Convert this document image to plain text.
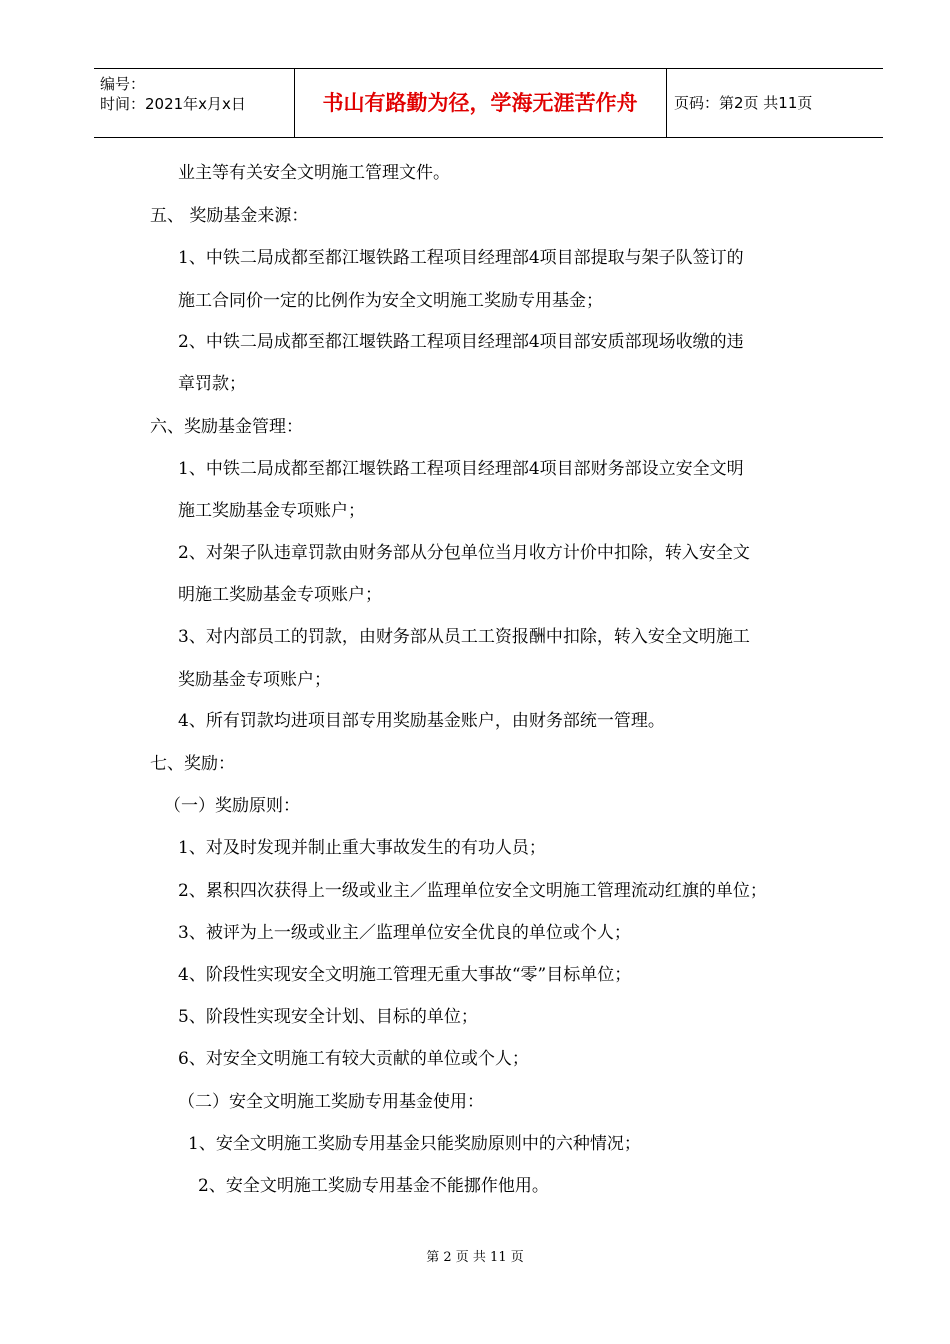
编号：
时间：2021年x月x日	书山有路勤为径，学海无涯苦作舟	页码：第2页 共11页
业主等有关安全文明施工管理文件。
五、 奖励基金来源：
1、中铁二局成都至都江堰铁路工程项目经理部4项目部提取与架子队签订的
施工合同价一定的比例作为安全文明施工奖励专用基金；
2、中铁二局成都至都江堰铁路工程项目经理部4项目部安质部现场收缴的违
章罚款；
六、奖励基金管理：
1、中铁二局成都至都江堰铁路工程项目经理部4项目部财务部设立安全文明
施工奖励基金专项账户；
2、对架子队违章罚款由财务部从分包单位当月收方计价中扣除，转入安全文
明施工奖励基金专项账户；
3、对内部员工的罚款，由财务部从员工工资报酬中扣除，转入安全文明施工
奖励基金专项账户；
4、所有罚款均进项目部专用奖励基金账户，由财务部统一管理。
七、奖励：
（一）奖励原则：
1、对及时发现并制止重大事故发生的有功人员；
2、累积四次获得上一级或业主／监理单位安全文明施工管理流动红旗的单位；
3、被评为上一级或业主／监理单位安全优良的单位或个人；
4、阶段性实现安全文明施工管理无重大事故“零”目标单位；
5、阶段性实现安全计划、目标的单位；
6、对安全文明施工有较大贡献的单位或个人；
（二）安全文明施工奖励专用基金使用：
1、安全文明施工奖励专用基金只能奖励原则中的六种情况；
2、安全文明施工奖励专用基金不能挪作他用。
第 2 页 共 11 页
